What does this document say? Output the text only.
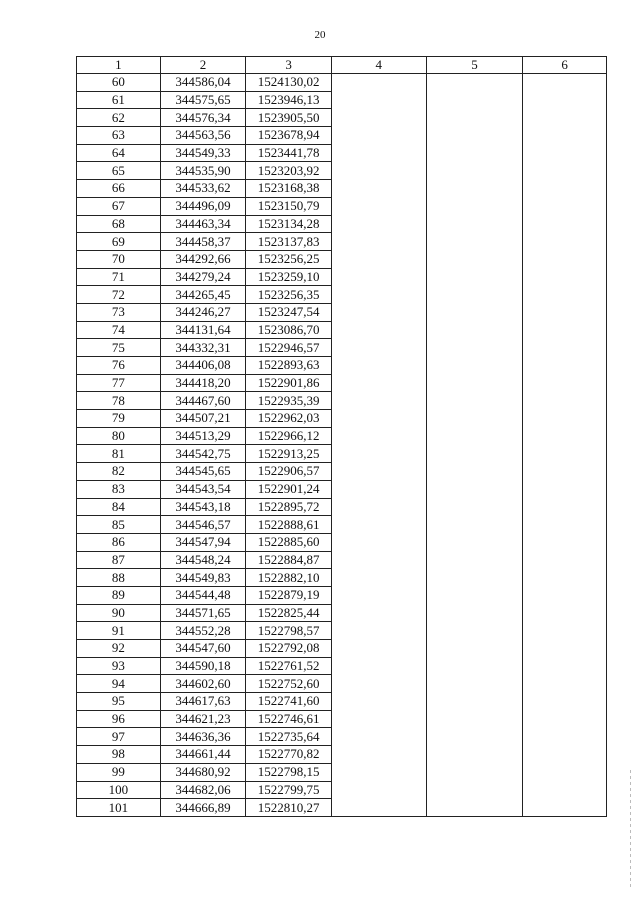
20
1	2	3	4	5	6
60	344586,04	1524130,02			
61	344575,65	1523946,13			
62	344576,34	1523905,50			
63	344563,56	1523678,94			
64	344549,33	1523441,78			
65	344535,90	1523203,92			
66	344533,62	1523168,38			
67	344496,09	1523150,79			
68	344463,34	1523134,28			
69	344458,37	1523137,83			
70	344292,66	1523256,25			
71	344279,24	1523259,10			
72	344265,45	1523256,35			
73	344246,27	1523247,54			
74	344131,64	1523086,70			
75	344332,31	1522946,57			
76	344406,08	1522893,63			
77	344418,20	1522901,86			
78	344467,60	1522935,39			
79	344507,21	1522962,03			
80	344513,29	1522966,12			
81	344542,75	1522913,25			
82	344545,65	1522906,57			
83	344543,54	1522901,24			
84	344543,18	1522895,72			
85	344546,57	1522888,61			
86	344547,94	1522885,60			
87	344548,24	1522884,87			
88	344549,83	1522882,10			
89	344544,48	1522879,19			
90	344571,65	1522825,44			
91	344552,28	1522798,57			
92	344547,60	1522792,08			
93	344590,18	1522761,52			
94	344602,60	1522752,60			
95	344617,63	1522741,60			
96	344621,23	1522746,61			
97	344636,36	1522735,64			
98	344661,44	1522770,82			
99	344680,92	1522798,15			
100	344682,06	1522799,75			
101	344666,89	1522810,27			
